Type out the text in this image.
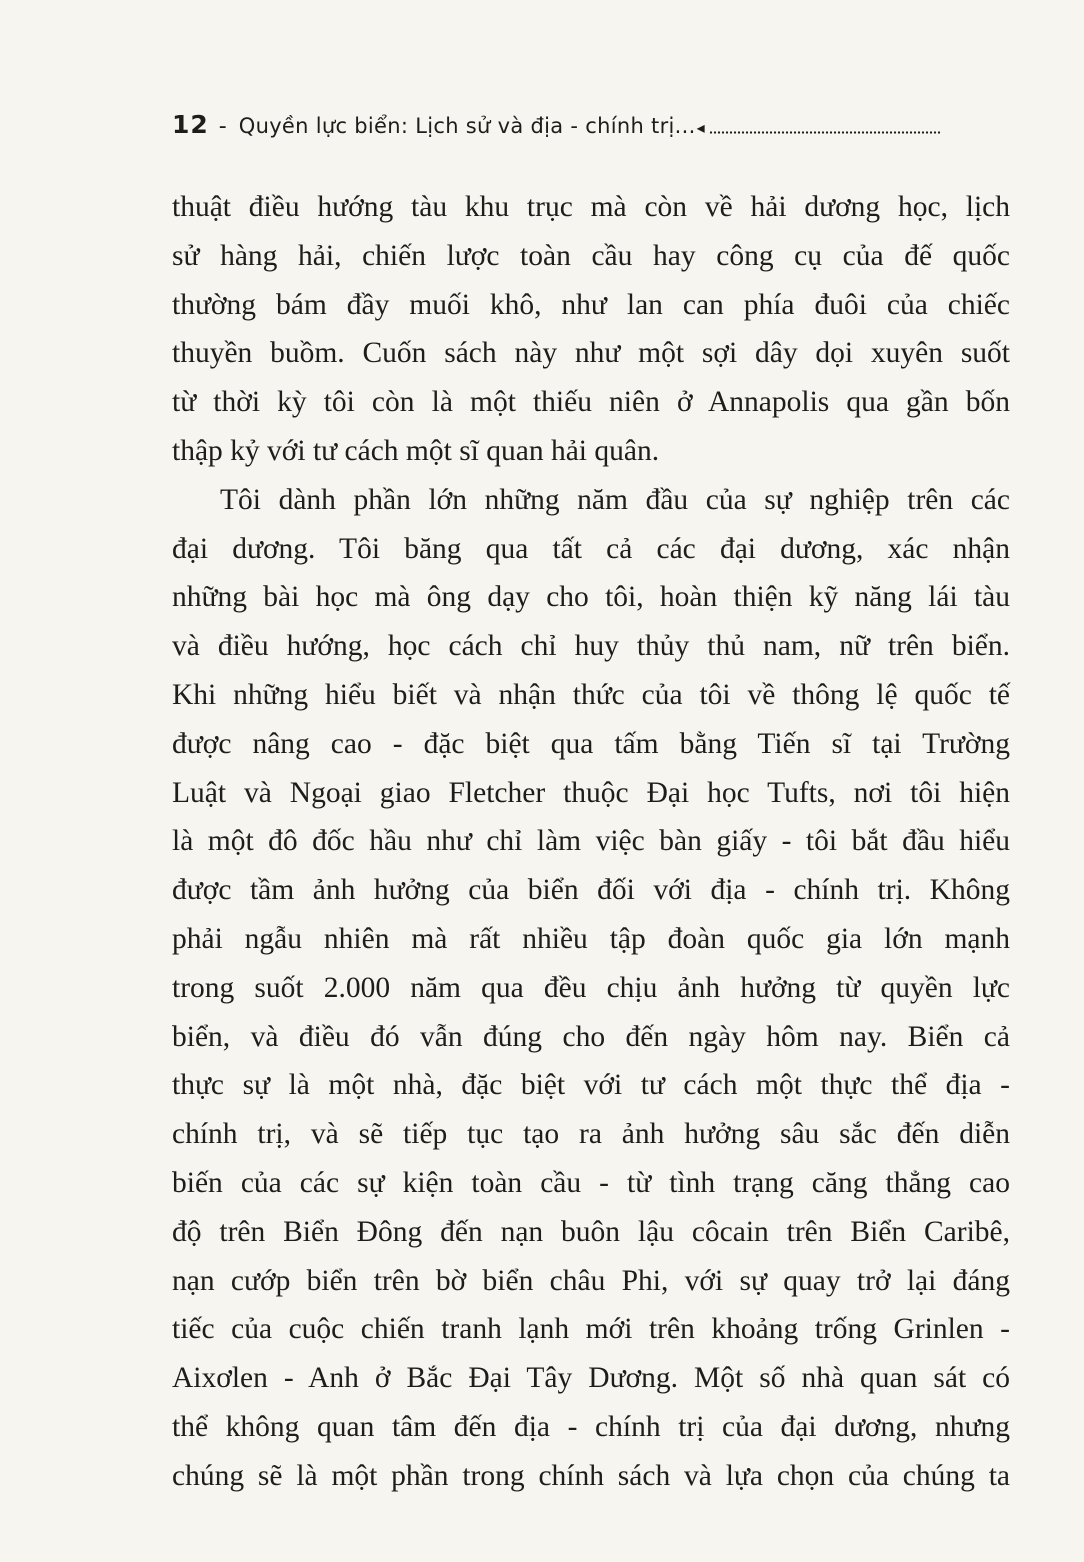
12 - Quyền lực biển: Lịch sử và địa - chính trị... ◂
thuật điều hướng tàu khu trục mà còn về hải dương học, lịch
sử hàng hải, chiến lược toàn cầu hay công cụ của đế quốc
thường bám đầy muối khô, như lan can phía đuôi của chiếc
thuyền buồm. Cuốn sách này như một sợi dây dọi xuyên suốt
từ thời kỳ tôi còn là một thiếu niên ở Annapolis qua gần bốn
thập kỷ với tư cách một sĩ quan hải quân.
Tôi dành phần lớn những năm đầu của sự nghiệp trên các
đại dương. Tôi băng qua tất cả các đại dương, xác nhận
những bài học mà ông dạy cho tôi, hoàn thiện kỹ năng lái tàu
và điều hướng, học cách chỉ huy thủy thủ nam, nữ trên biển.
Khi những hiểu biết và nhận thức của tôi về thông lệ quốc tế
được nâng cao - đặc biệt qua tấm bằng Tiến sĩ tại Trường
Luật và Ngoại giao Fletcher thuộc Đại học Tufts, nơi tôi hiện
là một đô đốc hầu như chỉ làm việc bàn giấy - tôi bắt đầu hiểu
được tầm ảnh hưởng của biển đối với địa - chính trị. Không
phải ngẫu nhiên mà rất nhiều tập đoàn quốc gia lớn mạnh
trong suốt 2.000 năm qua đều chịu ảnh hưởng từ quyền lực
biển, và điều đó vẫn đúng cho đến ngày hôm nay. Biển cả
thực sự là một nhà, đặc biệt với tư cách một thực thể địa -
chính trị, và sẽ tiếp tục tạo ra ảnh hưởng sâu sắc đến diễn
biến của các sự kiện toàn cầu - từ tình trạng căng thẳng cao
độ trên Biển Đông đến nạn buôn lậu côcain trên Biển Caribê,
nạn cướp biển trên bờ biển châu Phi, với sự quay trở lại đáng
tiếc của cuộc chiến tranh lạnh mới trên khoảng trống Grinlen -
Aixơlen - Anh ở Bắc Đại Tây Dương. Một số nhà quan sát có
thể không quan tâm đến địa - chính trị của đại dương, nhưng
chúng sẽ là một phần trong chính sách và lựa chọn của chúng ta
